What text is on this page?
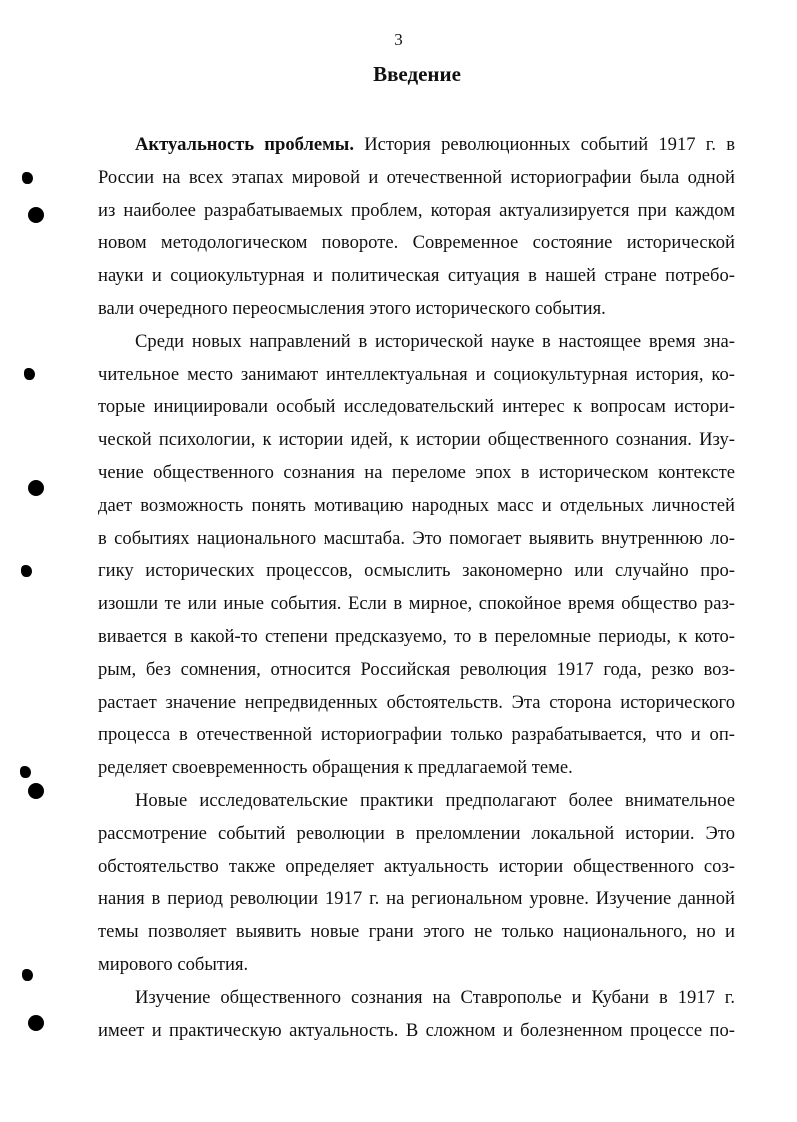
3
Введение
Актуальность проблемы. История революционных событий 1917 г. в
России на всех этапах мировой и отечественной историографии была одной
из наиболее разрабатываемых проблем, которая актуализируется при каждом
новом методологическом повороте. Современное состояние исторической
науки и социокультурная и политическая ситуация в нашей стране потребо-
вали очередного переосмысления этого исторического события.
Среди новых направлений в исторической науке в настоящее время зна-
чительное место занимают интеллектуальная и социокультурная история, ко-
торые инициировали особый исследовательский интерес к вопросам истори-
ческой психологии, к истории идей, к истории общественного сознания. Изу-
чение общественного сознания на переломе эпох в историческом контексте
дает возможность понять мотивацию народных масс и отдельных личностей
в событиях национального масштаба. Это помогает выявить внутреннюю ло-
гику исторических процессов, осмыслить закономерно или случайно про-
изошли те или иные события. Если в мирное, спокойное время общество раз-
вивается в какой-то степени предсказуемо, то в переломные периоды, к кото-
рым, без сомнения, относится Российская революция 1917 года, резко воз-
растает значение непредвиденных обстоятельств. Эта сторона исторического
процесса в отечественной историографии только разрабатывается, что и оп-
ределяет своевременность обращения к предлагаемой теме.
Новые исследовательские практики предполагают более внимательное
рассмотрение событий революции в преломлении локальной истории. Это
обстоятельство также определяет актуальность истории общественного соз-
нания в период революции 1917 г. на региональном уровне. Изучение данной
темы позволяет выявить новые грани этого не только национального, но и
мирового события.
Изучение общественного сознания на Ставрополье и Кубани в 1917 г.
имеет и практическую актуальность. В сложном и болезненном процессе по-
